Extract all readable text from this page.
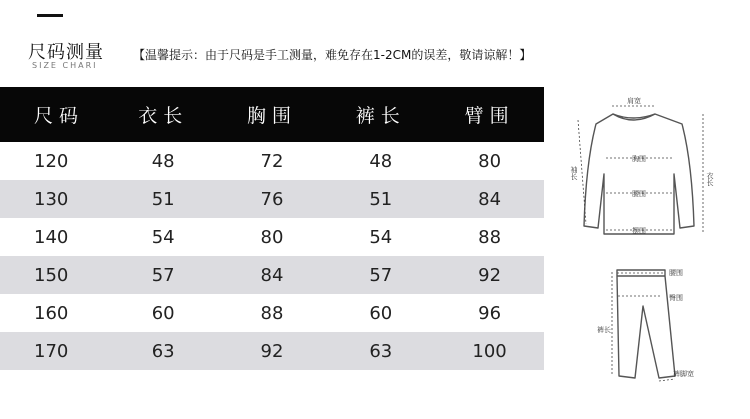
尺码测量
SIZE CHARI
【温馨提示：由于尺码是手工测量，难免存在1-2CM的误差，敬请谅解！】
尺码	衣长	胸围	裤长	臂围
120	48	72	48	80
130	51	76	51	84
140	54	80	54	88
150	57	84	57	92
160	60	88	60	96
170	63	92	63	100
肩宽
胸围
腰围
摆围
衣长
袖长
腰围
臀围
裤长
裤脚宽
